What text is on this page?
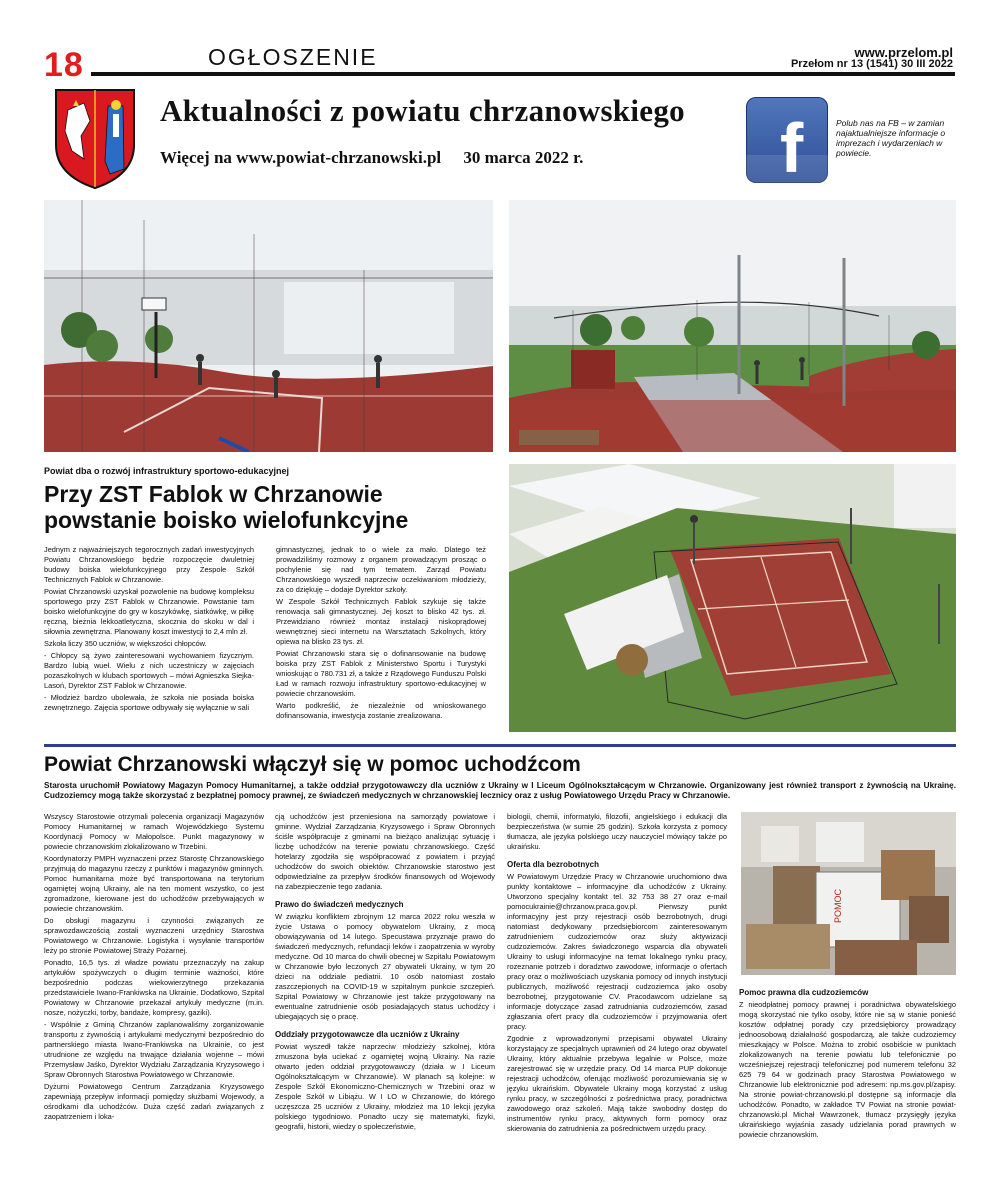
18	OGŁOSZENIE	www.przelom.pl
Przełom nr 13 (1541) 30 III 2022
Aktualności z powiatu chrzanowskiego
Więcej na www.powiat-chrzanowski.pl 30 marca 2022 r.	f	Polub nas na FB – w zamian najaktualniejsze informacje o imprezach i wydarzeniach w powiecie.
Powiat dba o rozwój infrastruktury sportowo-edukacyjnej
Przy ZST Fablok w Chrzanowie powstanie boisko wielofunkcyjne

Jednym z najważniejszych tegorocznych zadań inwestycyjnych Powiatu Chrzanowskiego będzie rozpoczęcie dwuletniej budowy boiska wielofunkcyjnego przy Zespole Szkół Technicznych Fablok w Chrzanowie.

Powiat Chrzanowski uzyskał pozwolenie na budowę kompleksu sportowego przy ZST Fablok w Chrzanowie. Powstanie tam boisko wielofunkcyjne do gry w koszykówkę, siatkówkę, w piłkę ręczną, bieżnia lekkoatletyczna, skocznia do skoku w dal i siłownia zewnętrzna. Planowany koszt inwestycji to 2,4 mln zł.

Szkoła liczy 350 uczniów, w większości chłopców.

- Chłopcy są żywo zainteresowani wychowaniem fizycznym. Bardzo lubią wueł. Wielu z nich uczestniczy w zajęciach pozaszkolnych w klubach sportowych – mówi Agnieszka Siejka-Lasoń, Dyrektor ZST Fablok w Chrzanowie.

- Młodzież bardzo ubolewała, że szkoła nie posiada boiska zewnętrznego. Zajęcia sportowe odbywały się wyłącznie w sali

gimnastycznej, jednak to o wiele za mało. Dlatego też prowadziliśmy rozmowy z organem prowadzącym prosząc o pochylenie się nad tym tematem. Zarząd Powiatu Chrzanowskiego wyszedł naprzeciw oczekiwaniom młodzieży, za co dziękuję – dodaje Dyrektor szkoły.

W Zespole Szkół Technicznych Fablok szykuje się także renowacja sali gimnastycznej. Jej koszt to blisko 42 tys. zł. Przewidziano również montaż instalacji niskoprądowej wewnętrznej sieci internetu na Warsztatach Szkolnych, który opiewa na blisko 23 tys. zł.

Powiat Chrzanowski stara się o dofinansowanie na budowę boiska przy ZST Fablok z Ministerstwo Sportu i Turystyki wnioskując o 780.731 zł, a także z Rządowego Funduszu Polski Ład w ramach rozwoju infrastruktury sportowo-edukacyjnej w powiecie chrzanowskim.

Warto podkreślić, że niezależnie od wnioskowanego dofinansowania, inwestycja zostanie zrealizowana.

Powiat Chrzanowski włączył się w pomoc uchodźcom
Starosta uruchomił Powiatowy Magazyn Pomocy Humanitarnej, a także oddział przygotowawczy dla uczniów z Ukrainy w I Liceum Ogólnokształcącym w Chrzanowie. Organizowany jest również transport z żywnością na Ukrainę. Cudzoziemcy mogą także skorzystać z bezpłatnej pomocy prawnej, ze świadczeń medycznych w chrzanowskiej lecznicy oraz z usług Powiatowego Urzędu Pracy w Chrzanowie.

Wszyscy Starostowie otrzymali polecenia organizacji Magazynów Pomocy Humanitarnej w ramach Wojewódzkiego Systemu Koordynacji Pomocy w Małopolsce. Punkt magazynowy w powiecie chrzanowskim zlokalizowano w Trzebini.

Koordynatorzy PMPH wyznaczeni przez Starostę Chrzanowskiego przyjmują do magazynu rzeczy z punktów i magazynów gminnych. Pomoc humanitarna może być transportowana na terytorium ogarniętej wojną Ukrainy, ale na ten moment wszystko, co jest zgromadzone, kierowane jest do uchodźców przebywających w powiecie chrzanowskim.

Do obsługi magazynu i czynności związanych ze sprawozdawczością zostali wyznaczeni urzędnicy Starostwa Powiatowego w Chrzanowie. Logistyka i wysyłanie transportów leży po stronie Powiatowej Straży Pożarnej.

Ponadto, 16,5 tys. zł władze powiatu przeznaczyły na zakup artykułów spożywczych o długim terminie ważności, które bezpośrednio podczas wiekowierzytnego przekazania przedstawiciele Iwano-Frankiwska na Ukrainie. Dodatkowo, Szpital Powiatowy w Chrzanowie przekazał artykuły medyczne (m.in. nosze, nożyczki, torby, bandaże, kompresy, gaziki).

- Wspólnie z Gminą Chrzanów zaplanowaliśmy zorganizowanie transportu z żywnością i artykułami medycznymi bezpośrednio do partnerskiego miasta Iwano-Frankiwska na Ukrainie, co jest utrudnione ze względu na trwające działania wojenne – mówi Przemysław Jaśko, Dyrektor Wydziału Zarządzania Kryzysowego i Spraw Obronnych Starostwa Powiatowego w Chrzanowie.

Dyżurni Powiatowego Centrum Zarządzania Kryzysowego zapewniają przepływ informacji pomiędzy służbami Wojewody, a ośrodkami dla uchodźców. Duża część zadań związanych z zaopatrzeniem i loka-

cją uchodźców jest przeniesiona na samorządy powiatowe i gminne. Wydział Zarządzania Kryzysowego i Spraw Obronnych ściśle współpracuje z gminami na bieżąco analizując sytuację i liczbę uchodźców na terenie powiatu chrzanowskiego. Część hotelarzy zgodziła się współpracować z powiatem i przyjąć uchodźców do swoich obiektów. Chrzanowskie starostwo jest odpowiedzialne za przepływ środków finansowych od Wojewody na zabezpieczenie tego zadania.

Prawo do świadczeń medycznych

W związku konfliktem zbrojnym 12 marca 2022 roku weszła w życie Ustawa o pomocy obywatelom Ukrainy, z mocą obowiązywania od 14 lutego. Specustawa przyznaje prawo do świadczeń medycznych, refundacji leków i zaopatrzenia w wyroby medyczne. Od 10 marca do chwili obecnej w Szpitalu Powiatowym w Chrzanowie było leczonych 27 obywateli Ukrainy, w tym 20 dzieci na oddziale pediatrii. 10 osób natomiast zostało zaszczepionych na COVID-19 w szpitalnym punkcie szczepień. Szpital Powiatowy w Chrzanowie jest także przygotowany na ewentualne zatrudnienie osób posiadających status uchodźcy i ubiegających się o pracę.

Oddziały przygotowawcze dla uczniów z Ukrainy

Powiat wyszedł także naprzeciw młodzieży szkolnej, która zmuszona była uciekać z ogarniętej wojną Ukrainy. Na razie otwarto jeden oddział przygotowawczy (działa w I Liceum Ogólnokształcącym w Chrzanowie). W planach są kolejne: w Zespole Szkół Ekonomiczno-Chemicznych w Trzebini oraz w Zespole Szkół w Libiążu. W I LO w Chrzanowie, do którego uczęszcza 25 uczniów z Ukrainy, młodzież ma 10 lekcji języka polskiego tygodniowo. Ponadto uczy się matematyki, fizyki, geografii, historii, wiedzy o społeczeństwie,

biologii, chemii, informatyki, filozofii, angielskiego i edukacji dla bezpieczeństwa (w sumie 25 godzin). Szkoła korzysta z pomocy tłumacza, ale języka polskiego uczy nauczyciel mówiący także po ukraińsku.

Oferta dla bezrobotnych

W Powiatowym Urzędzie Pracy w Chrzanowie uruchomiono dwa punkty kontaktowe – informacyjne dla uchodźców z Ukrainy. Utworzono specjalny kontakt tel. 32 753 38 27 oraz e-mail pomocukrainie@chrzanow.praca.gov.pl. Pierwszy punkt informacyjny jest przy rejestracji osób bezrobotnych, drugi natomiast dedykowany przedsiębiorcom zainteresowanym zatrudnieniem cudzoziemców oraz służy aktywizacji cudzoziemców. Zakres świadczonego wsparcia dla obywateli Ukrainy to usługi informacyjne na temat lokalnego rynku pracy, rozeznanie potrzeb i doradztwo zawodowe, informacje o ofertach pracy oraz o możliwościach uzyskania pomocy od innych instytucji publicznych, możliwość rejestracji cudzoziemca jako osoby bezrobotnej, przygotowanie CV. Pracodawcom udzielane są informacje dotyczące zasad zatrudniania cudzoziemców, zasad zgłaszania ofert pracy dla cudzoziemców i przyjmowania ofert pracy.

Zgodnie z wprowadzonymi przepisami obywatel Ukrainy korzystający ze specjalnych uprawnień od 24 lutego oraz obywatel Ukrainy, który aktualnie przebywa legalnie w Polsce, może zarejestrować się w urzędzie pracy. Od 14 marca PUP dokonuje rejestracji uchodźców, oferując możliwość porozumiewania się w języku ukraińskim. Obywatele Ukrainy mogą korzystać z usług rynku pracy, w szczególności z pośrednictwa pracy, poradnictwa zawodowego oraz szkoleń. Mają także swobodny dostęp do instrumentów rynku pracy, aktywnych form pomocy oraz skierowania do zatrudnienia za pośrednictwem urzędu pracy.

Pomoc prawna dla cudzoziemców

Z nieodpłatnej pomocy prawnej i poradnictwa obywatelskiego mogą skorzystać nie tylko osoby, które nie są w stanie ponieść kosztów odpłatnej porady czy przedsiębiorcy prowadzący jednoosobową działalność gospodarczą, ale także cudzoziemcy mieszkający w Polsce. Można to zrobić osobiście w punktach zlokalizowanych na terenie powiatu lub telefonicznie po wcześniejszej rejestracji telefonicznej pod numerem telefonu 32 625 79 64 w godzinach pracy Starostwa Powiatowego w Chrzanowie lub elektronicznie pod adresem: np.ms.gov.pl/zapisy. Na stronie powiat-chrzanowski.pl dostępne są informacje dla uchodźców. Ponadto, w zakładce TV Powiat na stronie powiat-chrzanowski.pl Michał Wawrzonek, tłumacz przysięgły języka ukraińskiego wyjaśnia zasady udzielania porad prawnych w powiecie chrzanowskim.

POMOC
